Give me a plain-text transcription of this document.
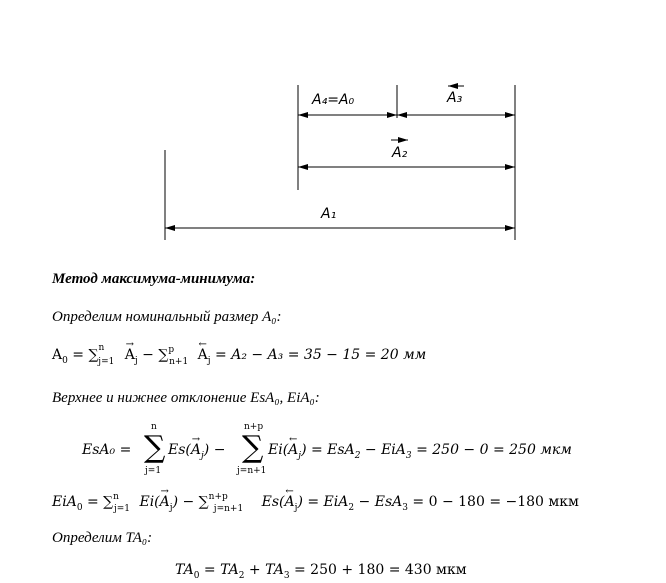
A₄=A₀	A₃
A₂
A₁
Метод максимума-минимума:
Определим номинальный размер A₀:
$A_0 = \sum n_{j=1}$ A
→
$_j$ − ∑$^p_{n+1}$ A
←
$_j$ = A₂ − A₃ = 35 − 15 = 20 мм
Верхнее и нижнее отклонение EsA₀, EiA₀:
EsA₀ =
n
∑
j=1
Es(A
→
$_j$) −
n+p
∑
j=n+1
Ei(A
←
$_j$) = EsA$_2$ − EiA$_3$ = 250 − 0 = 250 мкм
EiA$_0$ = ∑$^n_{j=1}$ Ei(A
→
$_j$) − ∑$^{n+p}_{j=n+1}$ Es(A
←
$_j$) = EiA$_2$ − EsA$_3$ = 0 − 180 = −180 мкм
Определим TA₀:
$TA_0 = TA_2 + TA_3 = 250 + 180 = 430$ мкм
